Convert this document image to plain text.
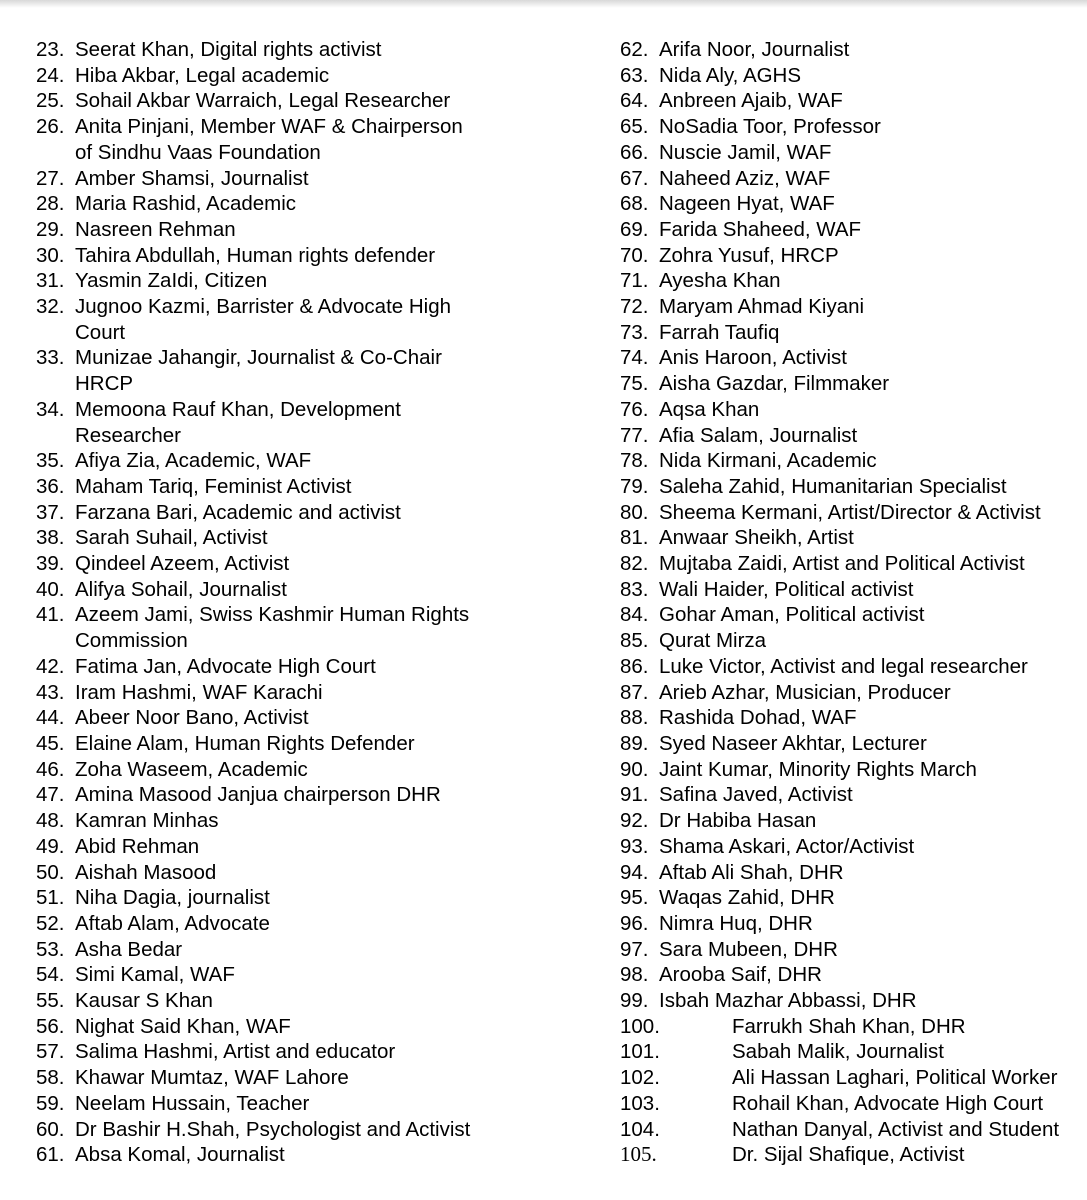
23. Seerat Khan, Digital rights activist
24. Hiba Akbar, Legal academic
25. Sohail Akbar Warraich, Legal Researcher
26. Anita Pinjani, Member WAF & Chairperson
of Sindhu Vaas Foundation
27. Amber Shamsi, Journalist
28. Maria Rashid, Academic
29. Nasreen Rehman
30. Tahira Abdullah, Human rights defender
31. Yasmin ZaIdi, Citizen
32. Jugnoo Kazmi, Barrister & Advocate High
Court
33. Munizae Jahangir, Journalist & Co-Chair
HRCP
34. Memoona Rauf Khan, Development
Researcher
35. Afiya Zia, Academic, WAF
36. Maham Tariq, Feminist Activist
37. Farzana Bari, Academic and activist
38. Sarah Suhail, Activist
39. Qindeel Azeem, Activist
40. Alifya Sohail, Journalist
41. Azeem Jami, Swiss Kashmir Human Rights
Commission
42. Fatima Jan, Advocate High Court
43. Iram Hashmi, WAF Karachi
44. Abeer Noor Bano, Activist
45. Elaine Alam, Human Rights Defender
46. Zoha Waseem, Academic
47. Amina Masood Janjua chairperson DHR
48. Kamran Minhas
49. Abid Rehman
50. Aishah Masood
51. Niha Dagia, journalist
52. Aftab Alam, Advocate
53. Asha Bedar
54. Simi Kamal, WAF
55. Kausar S Khan
56. Nighat Said Khan, WAF
57. Salima Hashmi, Artist and educator
58. Khawar Mumtaz, WAF Lahore
59. Neelam Hussain, Teacher
60. Dr Bashir H.Shah, Psychologist and Activist
61. Absa Komal, Journalist
62. Arifa Noor, Journalist
63. Nida Aly, AGHS
64. Anbreen Ajaib, WAF
65. NoSadia Toor, Professor
66. Nuscie Jamil, WAF
67. Naheed Aziz, WAF
68. Nageen Hyat, WAF
69. Farida Shaheed, WAF
70. Zohra Yusuf, HRCP
71. Ayesha Khan
72. Maryam Ahmad Kiyani
73. Farrah Taufiq
74. Anis Haroon, Activist
75. Aisha Gazdar, Filmmaker
76. Aqsa Khan
77. Afia Salam, Journalist
78. Nida Kirmani, Academic
79. Saleha Zahid, Humanitarian Specialist
80. Sheema Kermani, Artist/Director & Activist
81. Anwaar Sheikh, Artist
82. Mujtaba Zaidi, Artist and Political Activist
83. Wali Haider, Political activist
84. Gohar Aman, Political activist
85. Qurat Mirza
86. Luke Victor, Activist and legal researcher
87. Arieb Azhar, Musician, Producer
88. Rashida Dohad, WAF
89. Syed Naseer Akhtar, Lecturer
90. Jaint Kumar, Minority Rights March
91. Safina Javed, Activist
92. Dr Habiba Hasan
93. Shama Askari, Actor/Activist
94. Aftab Ali Shah, DHR
95. Waqas Zahid, DHR
96. Nimra Huq, DHR
97. Sara Mubeen, DHR
98. Arooba Saif, DHR
99. Isbah Mazhar Abbassi, DHR
100.	Farrukh Shah Khan, DHR
101.	Sabah Malik, Journalist
102.	Ali Hassan Laghari, Political Worker
103.	Rohail Khan, Advocate High Court
104.	Nathan Danyal, Activist and Student
105.	Dr. Sijal Shafique, Activist
